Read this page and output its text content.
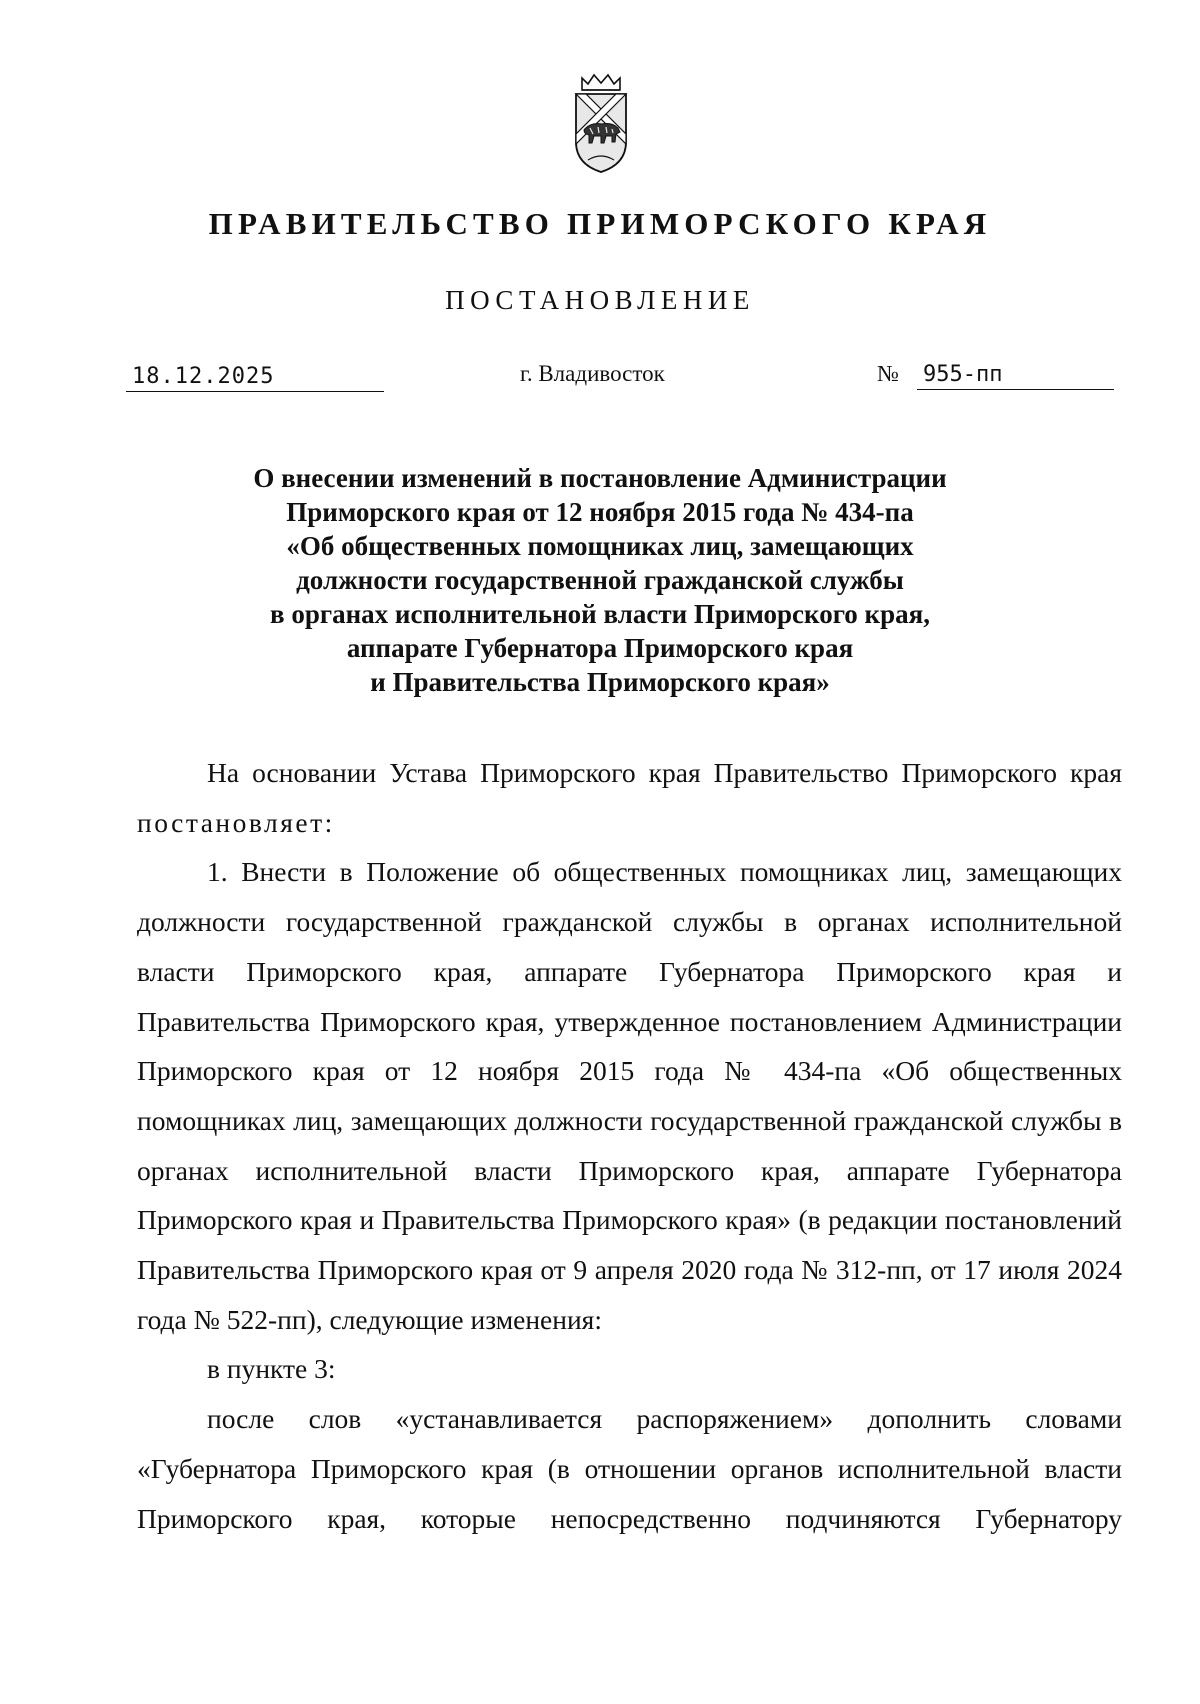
ПРАВИТЕЛЬСТВО ПРИМОРСКОГО КРАЯ
ПОСТАНОВЛЕНИЕ
18.12.2025	г. Владивосток	№ 955-пп
О внесении изменений в постановление Администрации
Приморского края от 12 ноября 2015 года № 434-па
«Об общественных помощниках лиц, замещающих
должности государственной гражданской службы
в органах исполнительной власти Приморского края,
аппарате Губернатора Приморского края
и Правительства Приморского края»

На основании Устава Приморского края Правительство Приморского края постановляет:

1. Внести в Положение об общественных помощниках лиц, замещающих должности государственной гражданской службы в органах исполнительной власти Приморского края, аппарате Губернатора Приморского края и Правительства Приморского края, утвержденное постановлением Администрации Приморского края от 12 ноября 2015 года № 434-па «Об общественных помощниках лиц, замещающих должности государственной гражданской службы в органах исполнительной власти Приморского края, аппарате Губернатора Приморского края и Правительства Приморского края» (в редакции постановлений Правительства Приморского края от 9 апреля 2020 года № 312-пп, от 17 июля 2024 года № 522-пп), следующие изменения:

в пункте 3:

после слов «устанавливается распоряжением» дополнить словами «Губернатора Приморского края (в отношении органов исполнительной власти Приморского края, которые непосредственно подчиняются Губернатору
